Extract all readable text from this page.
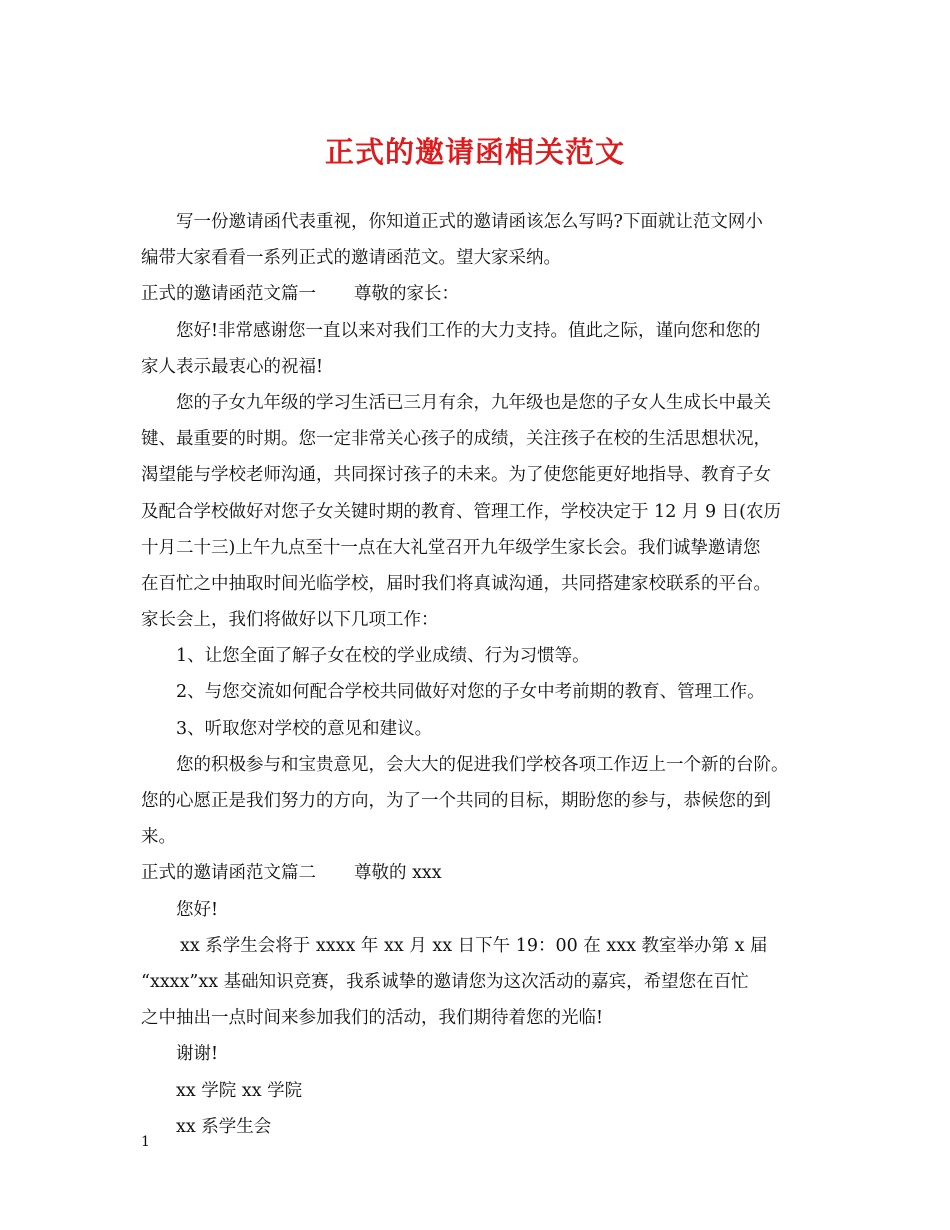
正式的邀请函相关范文
写一份邀请函代表重视，你知道正式的邀请函该怎么写吗?下面就让范文网小
编带大家看看一系列正式的邀请函范文。望大家采纳。
正式的邀请函范文篇一 尊敬的家长：
您好!非常感谢您一直以来对我们工作的大力支持。值此之际，谨向您和您的
家人表示最衷心的祝福!
您的子女九年级的学习生活已三月有余，九年级也是您的子女人生成长中最关
键、最重要的时期。您一定非常关心孩子的成绩，关注孩子在校的生活思想状况，
渴望能与学校老师沟通，共同探讨孩子的未来。为了使您能更好地指导、教育子女
及配合学校做好对您子女关键时期的教育、管理工作，学校决定于 12 月 9 日(农历
十月二十三)上午九点至十一点在大礼堂召开九年级学生家长会。我们诚挚邀请您
在百忙之中抽取时间光临学校，届时我们将真诚沟通，共同搭建家校联系的平台。
家长会上，我们将做好以下几项工作：
1、让您全面了解子女在校的学业成绩、行为习惯等。
2、与您交流如何配合学校共同做好对您的子女中考前期的教育、管理工作。
3、听取您对学校的意见和建议。
您的积极参与和宝贵意见，会大大的促进我们学校各项工作迈上一个新的台阶。
您的心愿正是我们努力的方向，为了一个共同的目标，期盼您的参与，恭候您的到
来。
正式的邀请函范文篇二 尊敬的 xxx
您好!
xx 系学生会将于 xxxx 年 xx 月 xx 日下午 19：00 在 xxx 教室举办第 x 届
“xxxx”xx 基础知识竞赛，我系诚挚的邀请您为这次活动的嘉宾，希望您在百忙
之中抽出一点时间来参加我们的活动，我们期待着您的光临!
谢谢!
xx 学院 xx 学院
xx 系学生会
1
